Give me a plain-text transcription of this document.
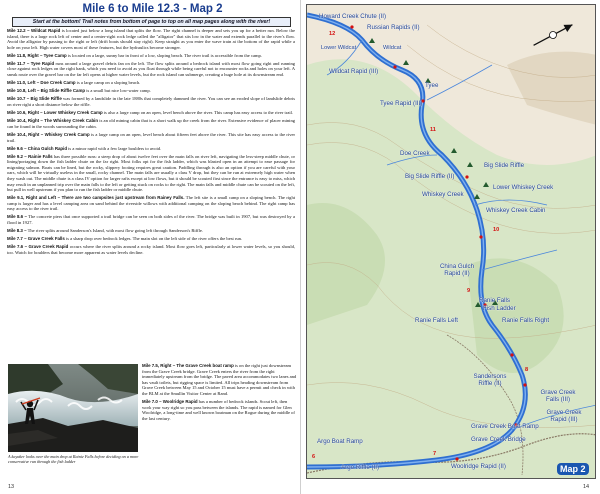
Mile 6 to Mile 12.3 - Map 2
Start at the bottom! Trail notes from bottom of page to top on all map pages along with the river!

Mile 12.2 – Wildcat Rapid is located just below a long island that splits the flow. The right channel is deeper and sets you up for a better run. Below the island, there is a large rock left of center and a center-right rock ledge called the "alligator" that sits low in the water and extends parallel to the river's flow. Avoid the alligator by passing to the right or left (drift boats should stay right). Keep straight as you enter the wave train at the bottom of the rapid while a hole on your left. High water covers most of these features, but the hydraulics become stronger.

Mile 11.8, Right – Tyee Camp is located on a large, sunny bar in front of a low, sloping beach. The river trail is accessible from the camp.

Mile 11.7 – Tyee Rapid runs around a large gravel debris fan on the left. The flow splits around a bedrock island with most flow going right and running close against rock ledges on the right bank, which you need to avoid as you float through while being careful not to encounter rocks and holes on your left. A sneak route over the gravel bar on the far left opens at higher water levels, but the rock island can submerge, creating a huge hole at its downstream end.

Mile 11.0, Left – Doe Creek Camp is a large camp on a sloping beach.

Mile 10.8, Left – Big Slide Riffle Camp is a small but nice low-water camp.

Mile 10.7 – Big Slide Riffle was formed by a landslide in the late 1880s that completely dammed the river. You can see an eroded slope of landslide debris on river right a short distance below the riffle.

Mile 10.6, Right – Lower Whiskey Creek Camp is also a large camp on an open, level bench above the river. This camp has easy access to the river trail.

Mile 10.4, Right – The Whiskey Creek Cabin is an old mining cabin that is a short walk up the creek from the river. Extensive evidence of placer mining can be found in the woods surrounding the cabin.

Mile 10.4, Right – Whiskey Creek Camp is a large camp on an open, level bench about fifteen feet above the river. This site has easy access to the river trail.

Mile 9.6 – China Gulch Rapid is a minor rapid with a few large boulders to avoid.

Mile 9.2 – Rainie Falls has three possible runs: a steep drop of about twelve feet over the main falls on river left, navigating the less-steep middle chute, or lining/portaging down the fish ladder chute on the far right. Most folks opt for the fish ladder, which was blasted open in an attempt to ease passage for migrating salmon. Boats can be lined, but the rocky, slippery footing requires great caution. Paddling through is also an option if you are careful with your oars, which will be virtually useless in the small, rocky channel. The main falls are usually a class V drop, but they can be run at extremely high water when they wash out. The middle chute is a class IV option for larger rafts except at low flows, but it should be scouted first since the entrance is easy to miss, which may result in an unplanned trip over the main falls to the left or getting stuck on rocks to the right. The main falls and middle chute can be scouted on the left, but pull in well upstream if you plan to run the fish ladder or middle chute.

Mile 9.1, Right and Left – There are two campsites just upstream from Rainey Falls. The left site is a small camp on a sloping bench. The right camp is larger and has a level camping area on sand behind the riverside willows with additional camping on the sloping beach behind. The right camp has easy access to the river trail.

Mile 8.6 – The concrete piers that once supported a trail bridge can be seen on both sides of the river. The bridge was built in 1907, but was destroyed by a flood in 1927.

Mile 8.3 – The river splits around Sanderson's Island, with most flow going left through Sanderson's Riffle.

Mile 7.7 – Grave Creek Falls is a sharp drop over bedrock ledges. The main slot on the left side of the river offers the best run.

Mile 7.6 – Grave Creek Rapid occurs where the river splits around a rocky island. Most flow goes left, particularly at lower water levels, so you should, too. Watch for boulders that become more apparent as water levels decline.

A kayaker looks over the main drop at Rainie Falls before deciding on a more conservative run through the fish ladder

Mile 7.5, Right – The Grave Creek boat ramp is on the right just downstream from the Grave Creek bridge. Grave Creek enters the river from the right immediately upstream from the bridge. The paved area accommodates two lanes and has vault toilets, but rigging space is limited. All trips heading downstream from Grave Creek between May 15 and October 15 must have a permit and check in with the BLM at the Smullin Visitor Center at Rand.

Mile 7.0 – Woolridge Rapid has a number of bedrock islands. Scout left, then work your way right so you pass between the islands. The rapid is named for Glen Woolridge, a long-time and well known boatman on the Rogue during the middle of the last century.

13
Howard Creek Chute (II)
Russian Rapids (II)
Lower Wildcat	Wildcat
Wildcat Rapid (III)
Tyee
Tyee Rapid (III)
Doe Creek
Big Slide Riffle
Big Slide Riffle (II)
Lower Whiskey Creek
Whiskey Creek
Whiskey Creek Cabin
China Gulch Rapid (II)
Ranie Falls
Fish Ladder
Ranie Falls Left	Ranie Falls Right
Sandersons Riffle (II)
Grave Creek Falls (III)
Grave Creek Rapid (III)
Argo Boat Ramp
Grave Creek Boat Ramp
Grave Creek Bridge
Argo Riffle (II)	Woolridge Rapid (II)
12
11
10
9
8
7
6
Map 2
14
